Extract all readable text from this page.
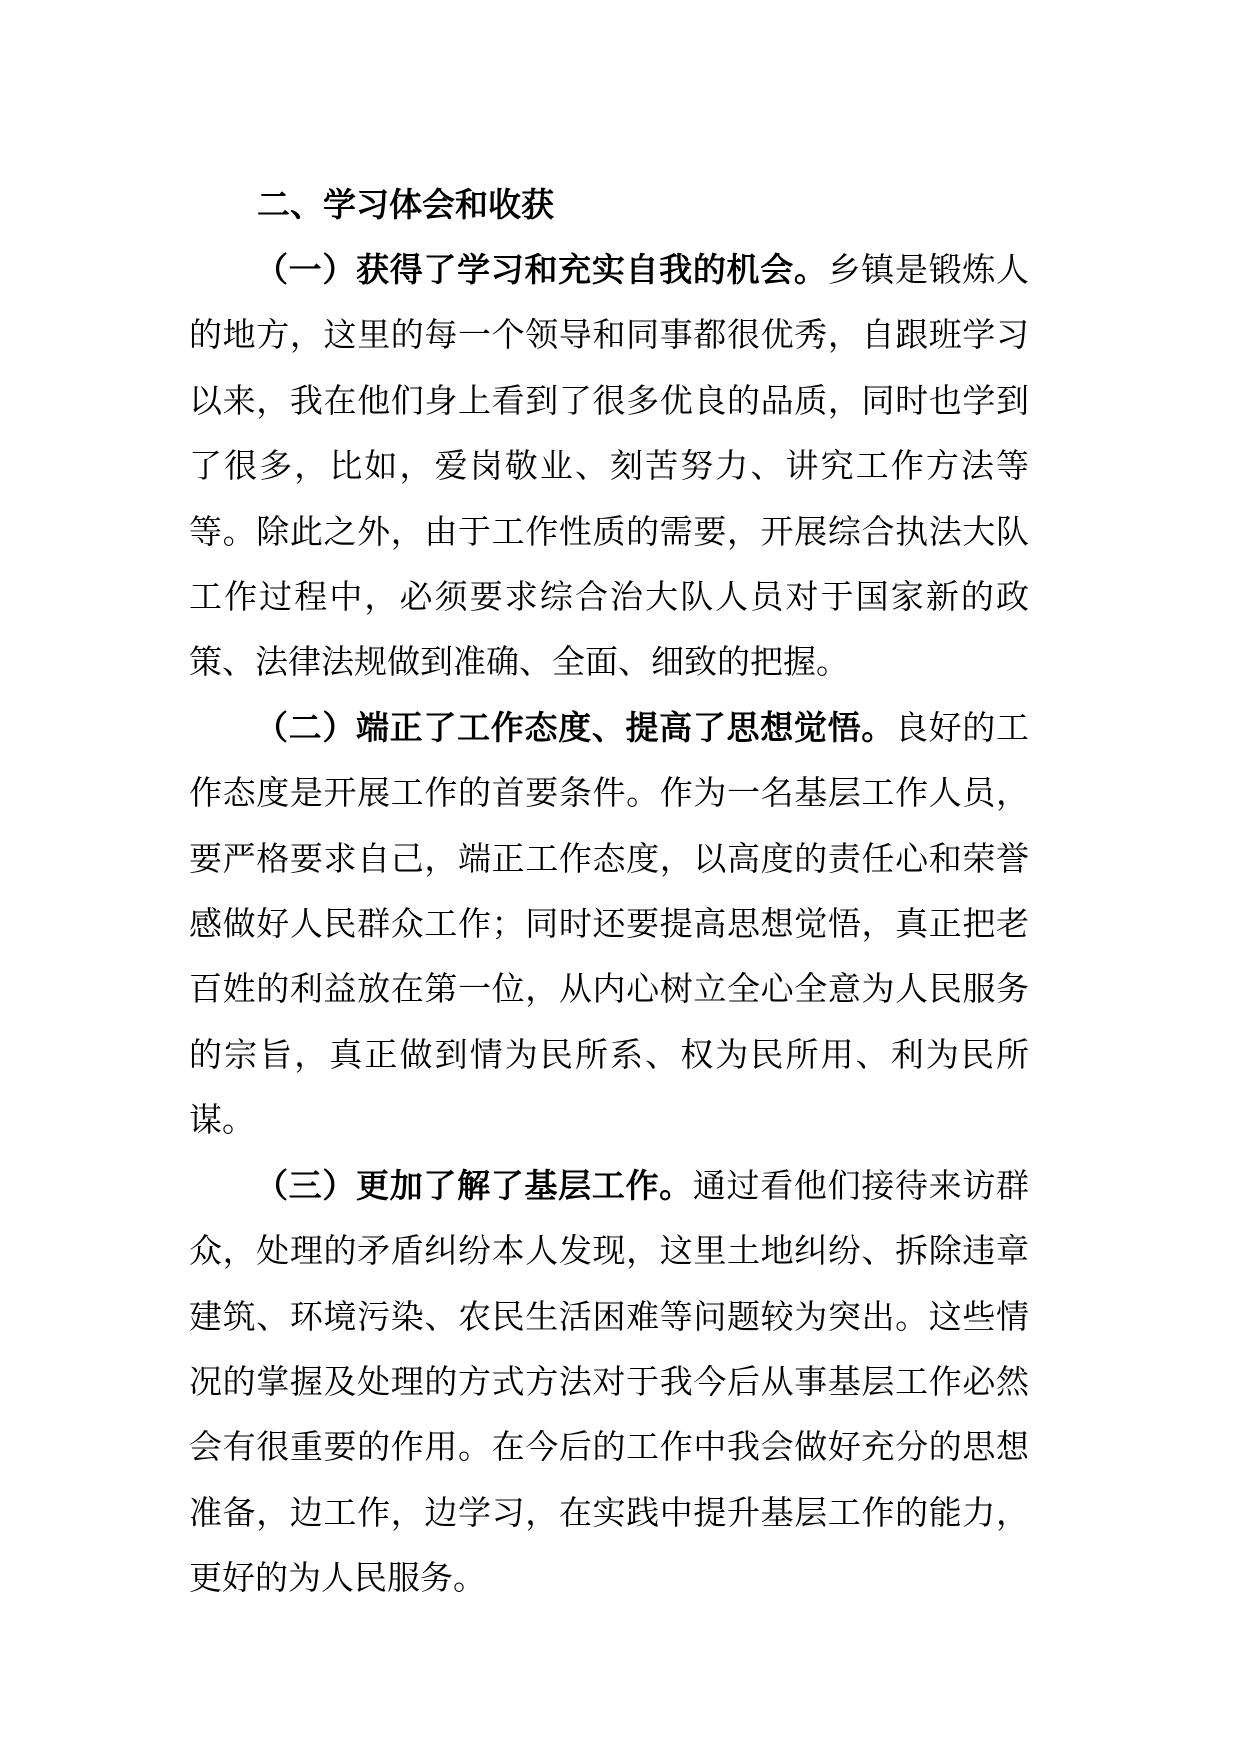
二、学习体会和收获

（一）获得了学习和充实自我的机会。乡镇是锻炼人的地方，这里的每一个领导和同事都很优秀，自跟班学习以来，我在他们身上看到了很多优良的品质，同时也学到了很多，比如，爱岗敬业、刻苦努力、讲究工作方法等等。除此之外，由于工作性质的需要，开展综合执法大队工作过程中，必须要求综合治大队人员对于国家新的政策、法律法规做到准确、全面、细致的把握。

（二）端正了工作态度、提高了思想觉悟。良好的工作态度是开展工作的首要条件。作为一名基层工作人员，要严格要求自己，端正工作态度，以高度的责任心和荣誉感做好人民群众工作；同时还要提高思想觉悟，真正把老百姓的利益放在第一位，从内心树立全心全意为人民服务的宗旨，真正做到情为民所系、权为民所用、利为民所谋。

（三）更加了解了基层工作。通过看他们接待来访群众，处理的矛盾纠纷本人发现，这里土地纠纷、拆除违章建筑、环境污染、农民生活困难等问题较为突出。这些情况的掌握及处理的方式方法对于我今后从事基层工作必然会有很重要的作用。在今后的工作中我会做好充分的思想准备，边工作，边学习，在实践中提升基层工作的能力，更好的为人民服务。
